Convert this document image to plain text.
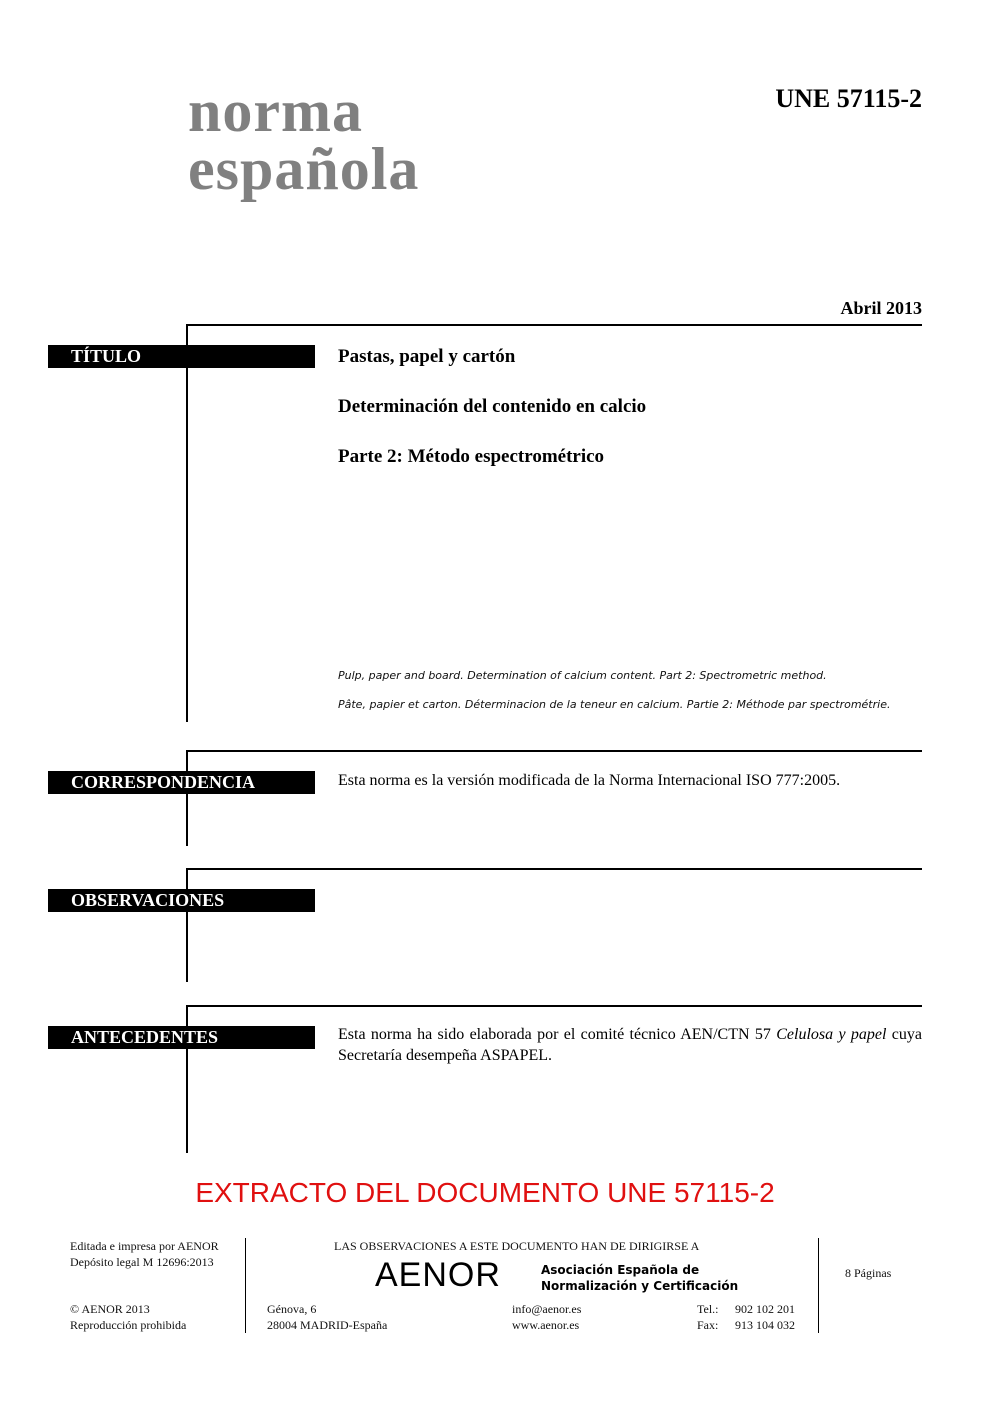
norma
española
UNE 57115-2
Abril 2013
TÍTULO	Pastas, papel y cartón
Determinación del contenido en calcio
Parte 2: Método espectrométrico
Pulp, paper and board. Determination of calcium content. Part 2: Spectrometric method.
Pâte, papier et carton. Déterminacion de la teneur en calcium. Partie 2: Méthode par spectrométrie.
CORRESPONDENCIA	Esta norma es la versión modificada de la Norma Internacional ISO 777:2005.
OBSERVACIONES
ANTECEDENTES	Esta norma ha sido elaborada por el comité técnico AEN/CTN 57 Celulosa y papel cuya Secretaría desempeña ASPAPEL.
EXTRACTO DEL DOCUMENTO UNE 57115-2
Editada e impresa por AENOR
Depósito legal M 12696:2013
© AENOR 2013
Reproducción prohibida
LAS OBSERVACIONES A ESTE DOCUMENTO HAN DE DIRIGIRSE A
AENOR	Asociación Española de
Normalización y Certificación
Génova, 6
28004 MADRID-España
info@aenor.es
www.aenor.es
Tel.: 902 102 201
Fax: 913 104 032
8 Páginas
